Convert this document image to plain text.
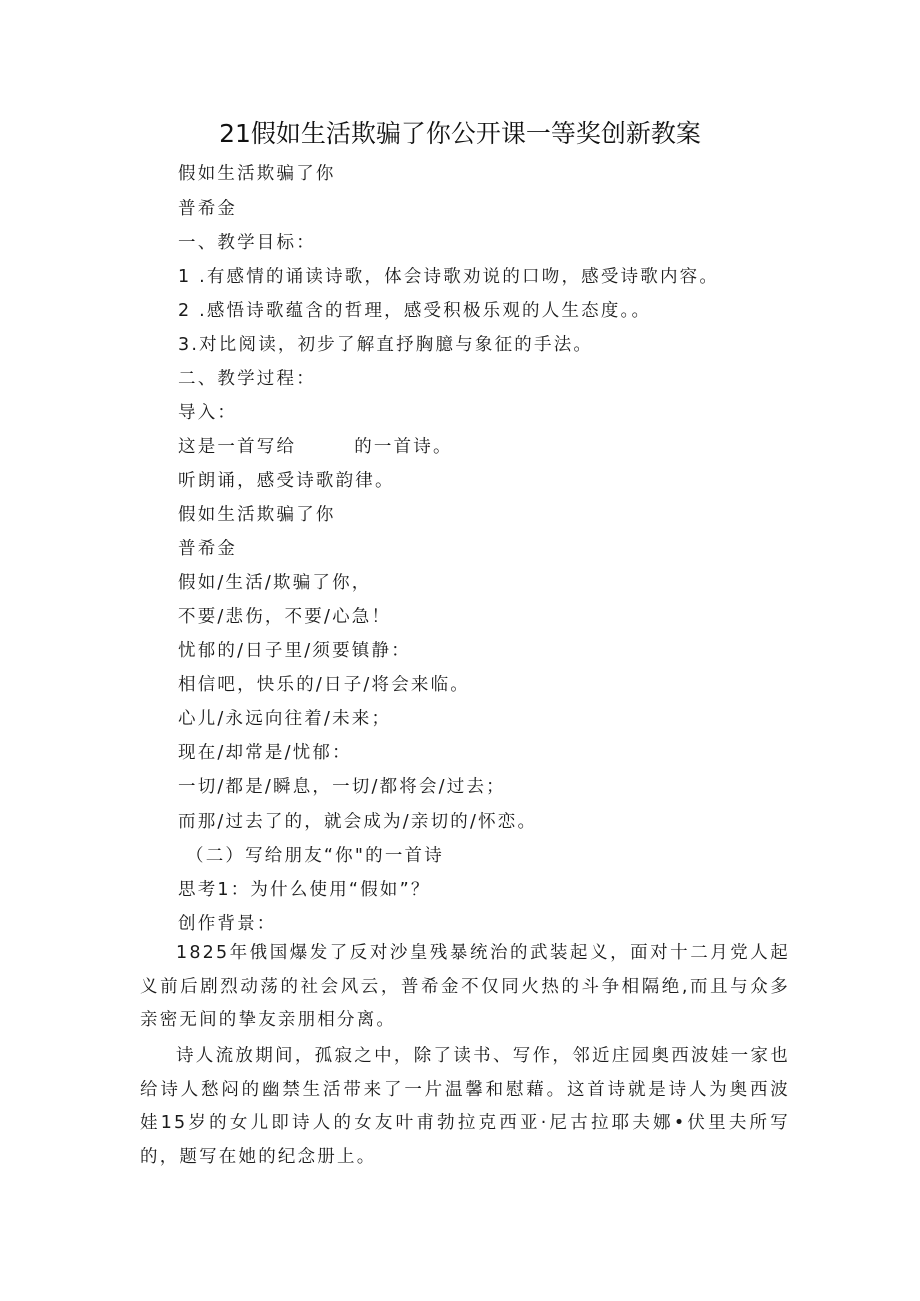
21假如生活欺骗了你公开课一等奖创新教案
假如生活欺骗了你
普希金
一、教学目标：
1 .有感情的诵读诗歌，体会诗歌劝说的口吻，感受诗歌内容。
2 .感悟诗歌蕴含的哲理，感受积极乐观的人生态度。。
3.对比阅读，初步了解直抒胸臆与象征的手法。
二、教学过程：
导入：
这是一首写给	的一首诗。
听朗诵，感受诗歌韵律。
假如生活欺骗了你
普希金
假如/生活/欺骗了你，
不要/悲伤，不要/心急！
忧郁的/日子里/须要镇静：
相信吧，快乐的/日子/将会来临。
心儿/永远向往着/未来；
现在/却常是/忧郁：
一切/都是/瞬息，一切/都将会/过去；
而那/过去了的，就会成为/亲切的/怀恋。
（二）写给朋友“你"的一首诗
思考1：为什么使用“假如”？
创作背景：
1825年俄国爆发了反对沙皇残暴统治的武装起义，面对十二月党人起义前后剧烈动荡的社会风云，普希金不仅同火热的斗争相隔绝,而且与众多亲密无间的挚友亲朋相分离。
诗人流放期间，孤寂之中，除了读书、写作，邻近庄园奥西波娃一家也给诗人愁闷的幽禁生活带来了一片温馨和慰藉。这首诗就是诗人为奥西波娃15岁的女儿即诗人的女友叶甫勃拉克西亚·尼古拉耶夫娜•伏里夫所写的，题写在她的纪念册上。
